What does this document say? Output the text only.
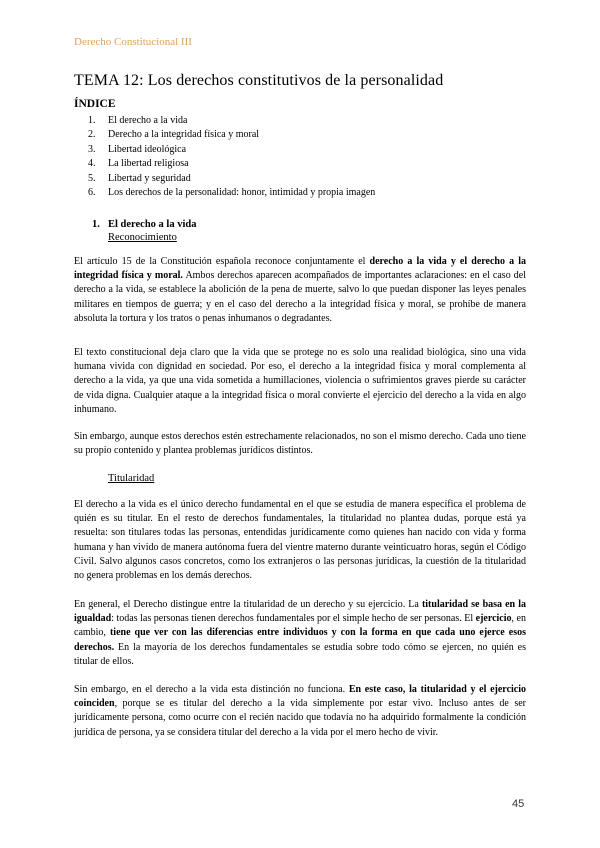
Derecho Constitucional III
TEMA 12: Los derechos constitutivos de la personalidad
ÍNDICE
1. El derecho a la vida
2. Derecho a la integridad física y moral
3. Libertad ideológica
4. La libertad religiosa
5. Libertad y seguridad
6. Los derechos de la personalidad: honor, intimidad y propia imagen
1. El derecho a la vida
Reconocimiento

El artículo 15 de la Constitución española reconoce conjuntamente el derecho a la vida y el derecho a la integridad física y moral. Ambos derechos aparecen acompañados de importantes aclaraciones: en el caso del derecho a la vida, se establece la abolición de la pena de muerte, salvo lo que puedan disponer las leyes penales militares en tiempos de guerra; y en el caso del derecho a la integridad física y moral, se prohíbe de manera absoluta la tortura y los tratos o penas inhumanos o degradantes.

El texto constitucional deja claro que la vida que se protege no es solo una realidad biológica, sino una vida humana vivida con dignidad en sociedad. Por eso, el derecho a la integridad física y moral complementa al derecho a la vida, ya que una vida sometida a humillaciones, violencia o sufrimientos graves pierde su carácter de vida digna. Cualquier ataque a la integridad física o moral convierte el ejercicio del derecho a la vida en algo inhumano.

Sin embargo, aunque estos derechos estén estrechamente relacionados, no son el mismo derecho. Cada uno tiene su propio contenido y plantea problemas jurídicos distintos.

Titularidad

El derecho a la vida es el único derecho fundamental en el que se estudia de manera específica el problema de quién es su titular. En el resto de derechos fundamentales, la titularidad no plantea dudas, porque está ya resuelta: son titulares todas las personas, entendidas jurídicamente como quienes han nacido con vida y forma humana y han vivido de manera autónoma fuera del vientre materno durante veinticuatro horas, según el Código Civil. Salvo algunos casos concretos, como los extranjeros o las personas jurídicas, la cuestión de la titularidad no genera problemas en los demás derechos.

En general, el Derecho distingue entre la titularidad de un derecho y su ejercicio. La titularidad se basa en la igualdad: todas las personas tienen derechos fundamentales por el simple hecho de ser personas. El ejercicio, en cambio, tiene que ver con las diferencias entre individuos y con la forma en que cada uno ejerce esos derechos. En la mayoría de los derechos fundamentales se estudia sobre todo cómo se ejercen, no quién es titular de ellos.

Sin embargo, en el derecho a la vida esta distinción no funciona. En este caso, la titularidad y el ejercicio coinciden, porque se es titular del derecho a la vida simplemente por estar vivo. Incluso antes de ser jurídicamente persona, como ocurre con el recién nacido que todavía no ha adquirido formalmente la condición jurídica de persona, ya se considera titular del derecho a la vida por el mero hecho de vivir.

45
